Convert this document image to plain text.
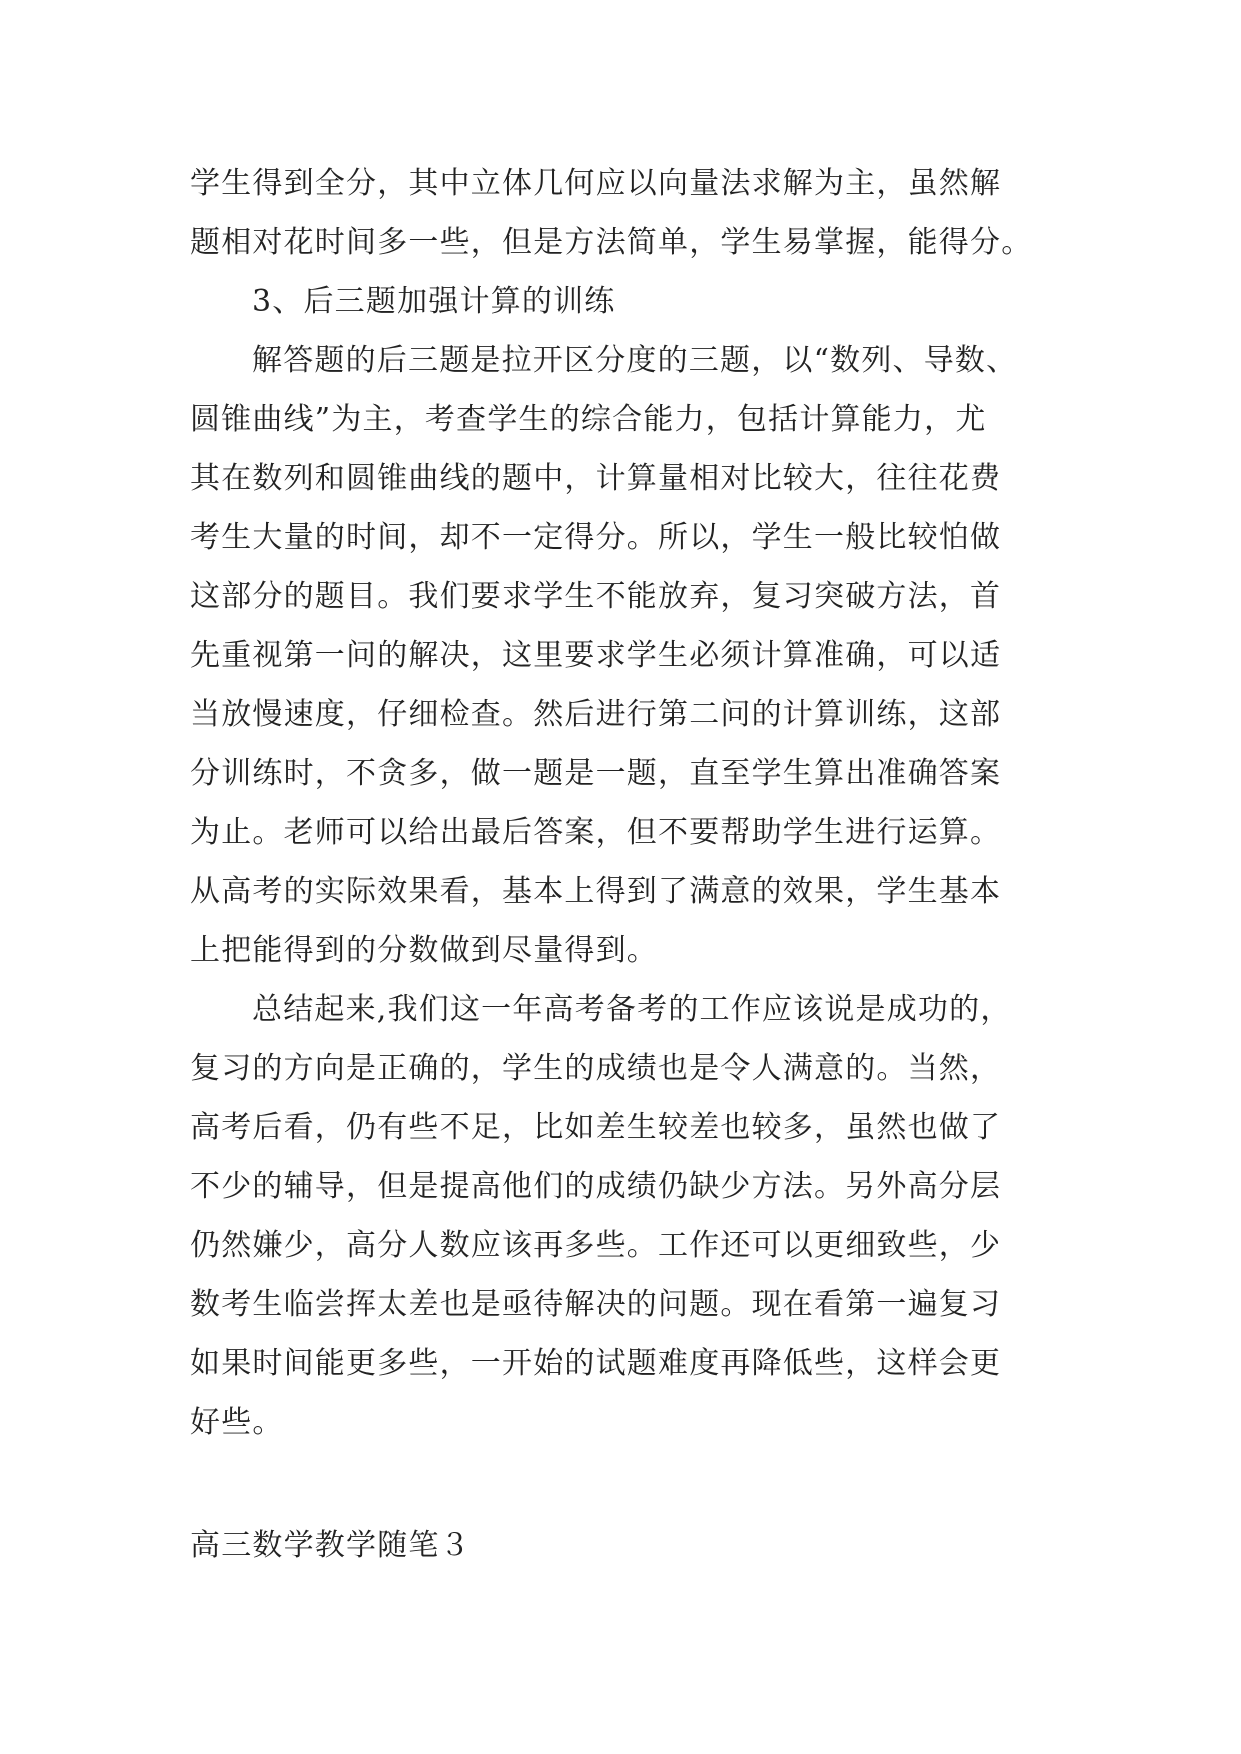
学生得到全分，其中立体几何应以向量法求解为主，虽然解
题相对花时间多一些，但是方法简单，学生易掌握，能得分。
3、后三题加强计算的训练
解答题的后三题是拉开区分度的三题，以“数列、导数、
圆锥曲线”为主，考查学生的综合能力，包括计算能力，尤
其在数列和圆锥曲线的题中，计算量相对比较大，往往花费
考生大量的时间，却不一定得分。所以，学生一般比较怕做
这部分的题目。我们要求学生不能放弃，复习突破方法，首
先重视第一问的解决，这里要求学生必须计算准确，可以适
当放慢速度，仔细检查。然后进行第二问的计算训练，这部
分训练时，不贪多，做一题是一题，直至学生算出准确答案
为止。老师可以给出最后答案，但不要帮助学生进行运算。
从高考的实际效果看，基本上得到了满意的效果，学生基本
上把能得到的分数做到尽量得到。
总结起来,我们这一年高考备考的工作应该说是成功的，
复习的方向是正确的，学生的成绩也是令人满意的。当然，
高考后看，仍有些不足，比如差生较差也较多，虽然也做了
不少的辅导，但是提高他们的成绩仍缺少方法。另外高分层
仍然嫌少，高分人数应该再多些。工作还可以更细致些，少
数考生临尝挥太差也是亟待解决的问题。现在看第一遍复习
如果时间能更多些，一开始的试题难度再降低些，这样会更
好些。
高三数学教学随笔３
